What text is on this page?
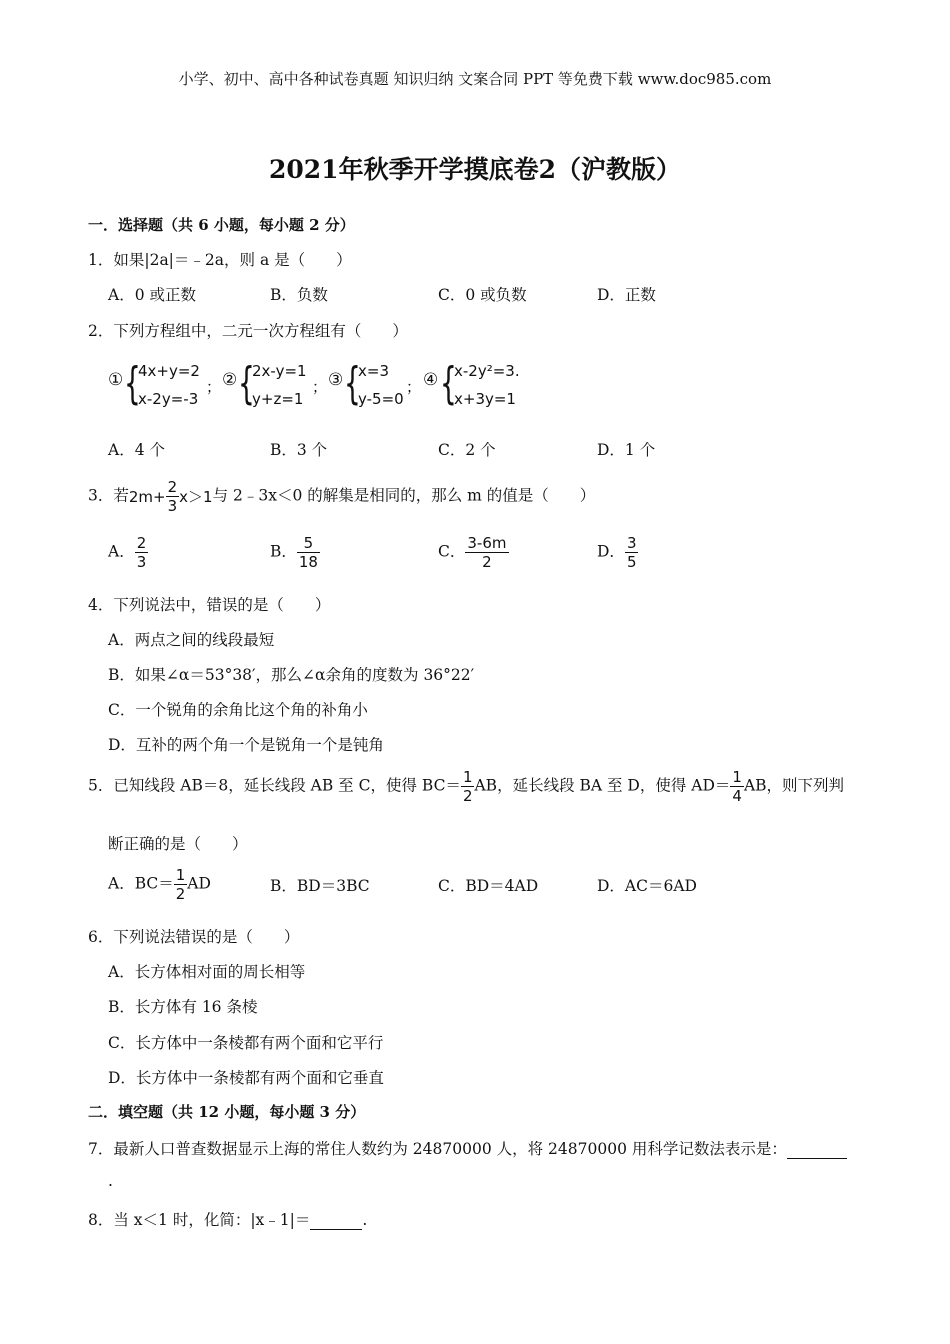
小学、初中、高中各种试卷真题 知识归纳 文案合同 PPT 等免费下载 www.doc985.com
2021年秋季开学摸底卷2（沪教版）
一．选择题（共 6 小题，每小题 2 分）
1．如果|2a|＝﹣2a，则 a 是（　　）
A．0 或正数	B．负数	C．0 或负数	D．正数
2．下列方程组中，二元一次方程组有（　　）
① {
4x+y=2
x-2y=-3
； ② {
2x-y=1
y+z=1
； ③ {
x=3
y-5=0
； ④ {
x-2y²=3.
x+3y=1
A．4 个	B．3 个	C．2 个	D．1 个
3．若$2m+ \frac{2}{3} x>1$与 2﹣3x＜0 的解集是相同的，那么 m 的值是（　　）
A． $\frac{2}{3}$	B． $\frac{5}{18}$	C． $\frac{3-6m}{2}$	D． $\frac{3}{5}$
4．下列说法中，错误的是（　　）
A．两点之间的线段最短
B．如果∠α＝53°38′，那么∠α余角的度数为 36°22′
C．一个锐角的余角比这个角的补角小
D．互补的两个角一个是锐角一个是钝角
5．已知线段 AB＝8，延长线段 AB 至 C，使得 $BC= \frac{1}{2}$ AB，延长线段 BA 至 D，使得 $AD= \frac{1}{4}$ AB，则下列判
断正确的是（　　）
A．$BC= \frac{1}{2}$ AD	B．BD＝3BC	C．BD＝4AD	D．AC＝6AD
6．下列说法错误的是（　　）
A．长方体相对面的周长相等
B．长方体有 16 条棱
C．长方体中一条棱都有两个面和它平行
D．长方体中一条棱都有两个面和它垂直
二．填空题（共 12 小题，每小题 3 分）
7．最新人口普查数据显示上海的常住人数约为 24870000 人，将 24870000 用科学记数法表示是：
.
8．当 x＜1 时，化简：|x﹣1|＝	.
